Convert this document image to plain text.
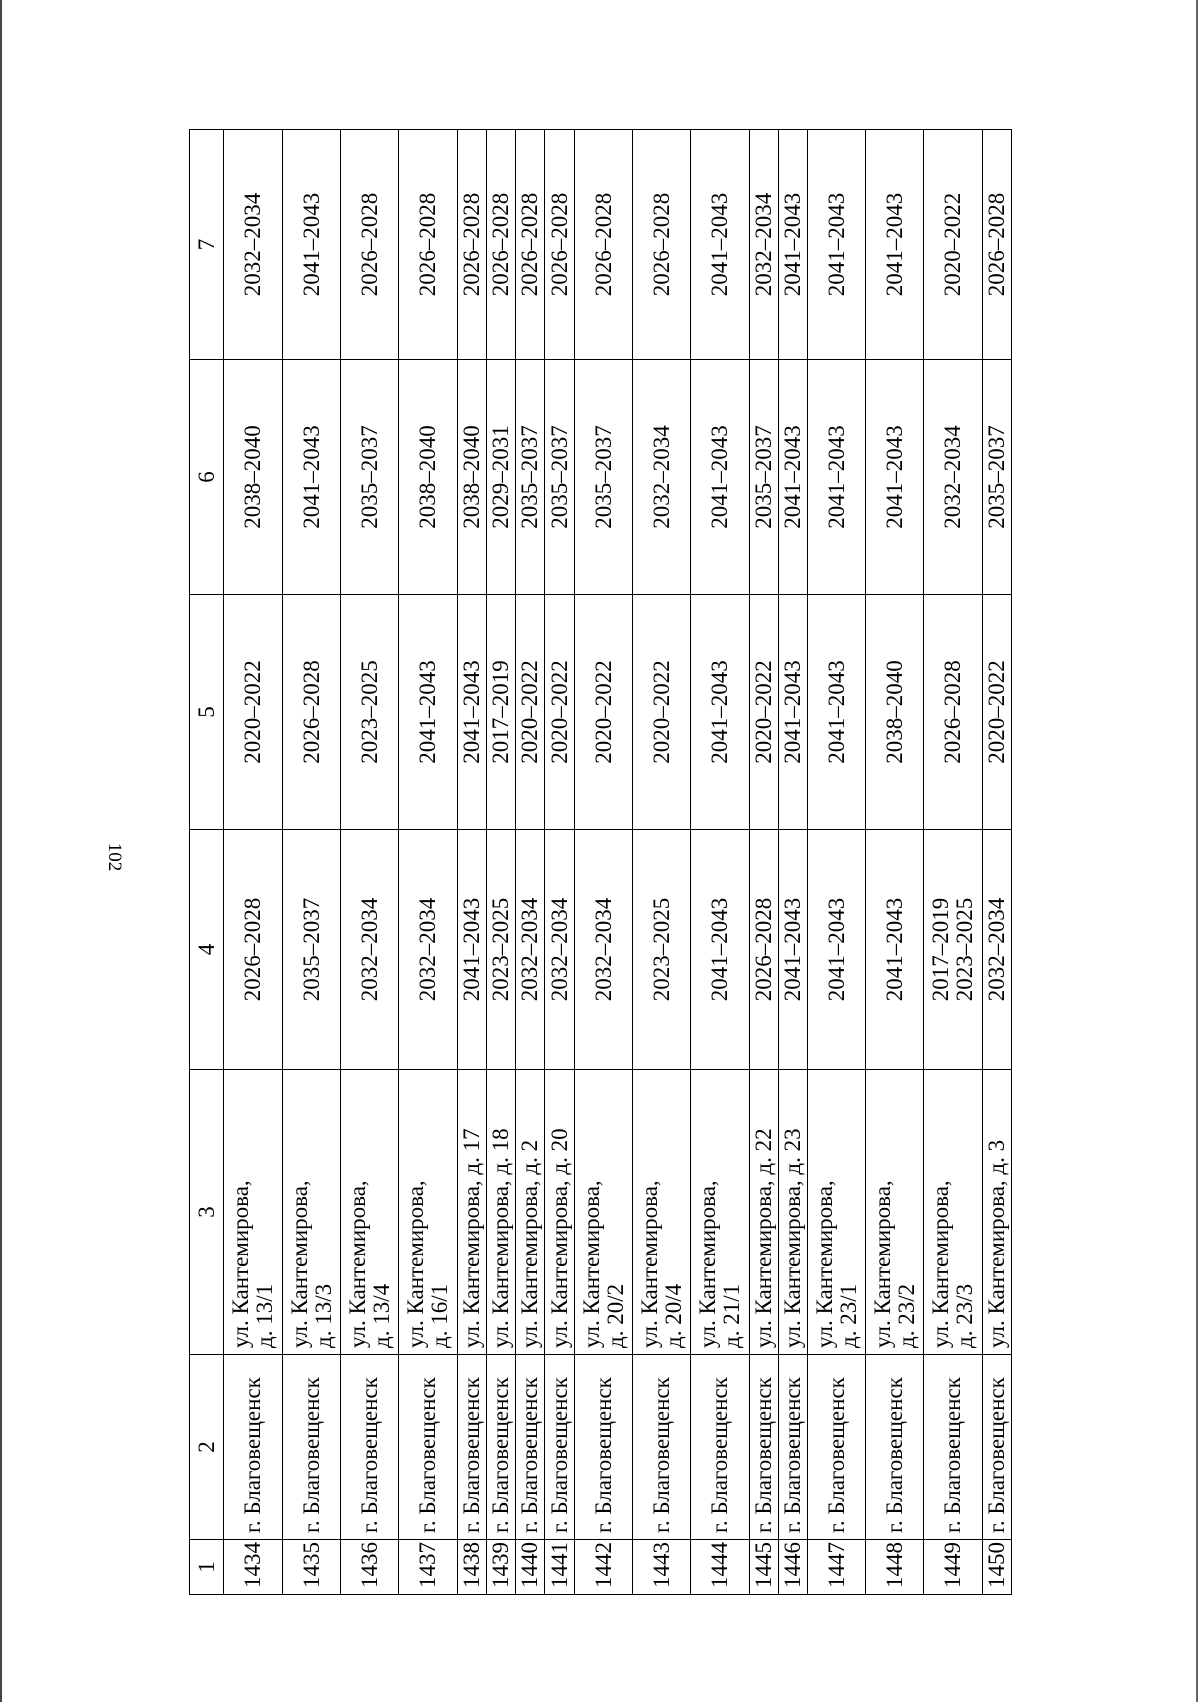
102
1	2	3	4	5	6	7
1434	г. Благовещенск	ул. Кантемирова, д. 13/1	2026–2028	2020–2022	2038–2040	2032–2034
1435	г. Благовещенск	ул. Кантемирова, д. 13/3	2035–2037	2026–2028	2041–2043	2041–2043
1436	г. Благовещенск	ул. Кантемирова, д. 13/4	2032–2034	2023–2025	2035–2037	2026–2028
1437	г. Благовещенск	ул. Кантемирова, д. 16/1	2032–2034	2041–2043	2038–2040	2026–2028
1438	г. Благовещенск	ул. Кантемирова, д. 17	2041–2043	2041–2043	2038–2040	2026–2028
1439	г. Благовещенск	ул. Кантемирова, д. 18	2023–2025	2017–2019	2029–2031	2026–2028
1440	г. Благовещенск	ул. Кантемирова, д. 2	2032–2034	2020–2022	2035–2037	2026–2028
1441	г. Благовещенск	ул. Кантемирова, д. 20	2032–2034	2020–2022	2035–2037	2026–2028
1442	г. Благовещенск	ул. Кантемирова, д. 20/2	2032–2034	2020–2022	2035–2037	2026–2028
1443	г. Благовещенск	ул. Кантемирова, д. 20/4	2023–2025	2020–2022	2032–2034	2026–2028
1444	г. Благовещенск	ул. Кантемирова, д. 21/1	2041–2043	2041–2043	2041–2043	2041–2043
1445	г. Благовещенск	ул. Кантемирова, д. 22	2026–2028	2020–2022	2035–2037	2032–2034
1446	г. Благовещенск	ул. Кантемирова, д. 23	2041–2043	2041–2043	2041–2043	2041–2043
1447	г. Благовещенск	ул. Кантемирова, д. 23/1	2041–2043	2041–2043	2041–2043	2041–2043
1448	г. Благовещенск	ул. Кантемирова, д. 23/2	2041–2043	2038–2040	2041–2043	2041–2043
1449	г. Благовещенск	ул. Кантемирова, д. 23/3	2017–2019 2023–2025	2026–2028	2032–2034	2020–2022
1450	г. Благовещенск	ул. Кантемирова, д. 3	2032–2034	2020–2022	2035–2037	2026–2028
